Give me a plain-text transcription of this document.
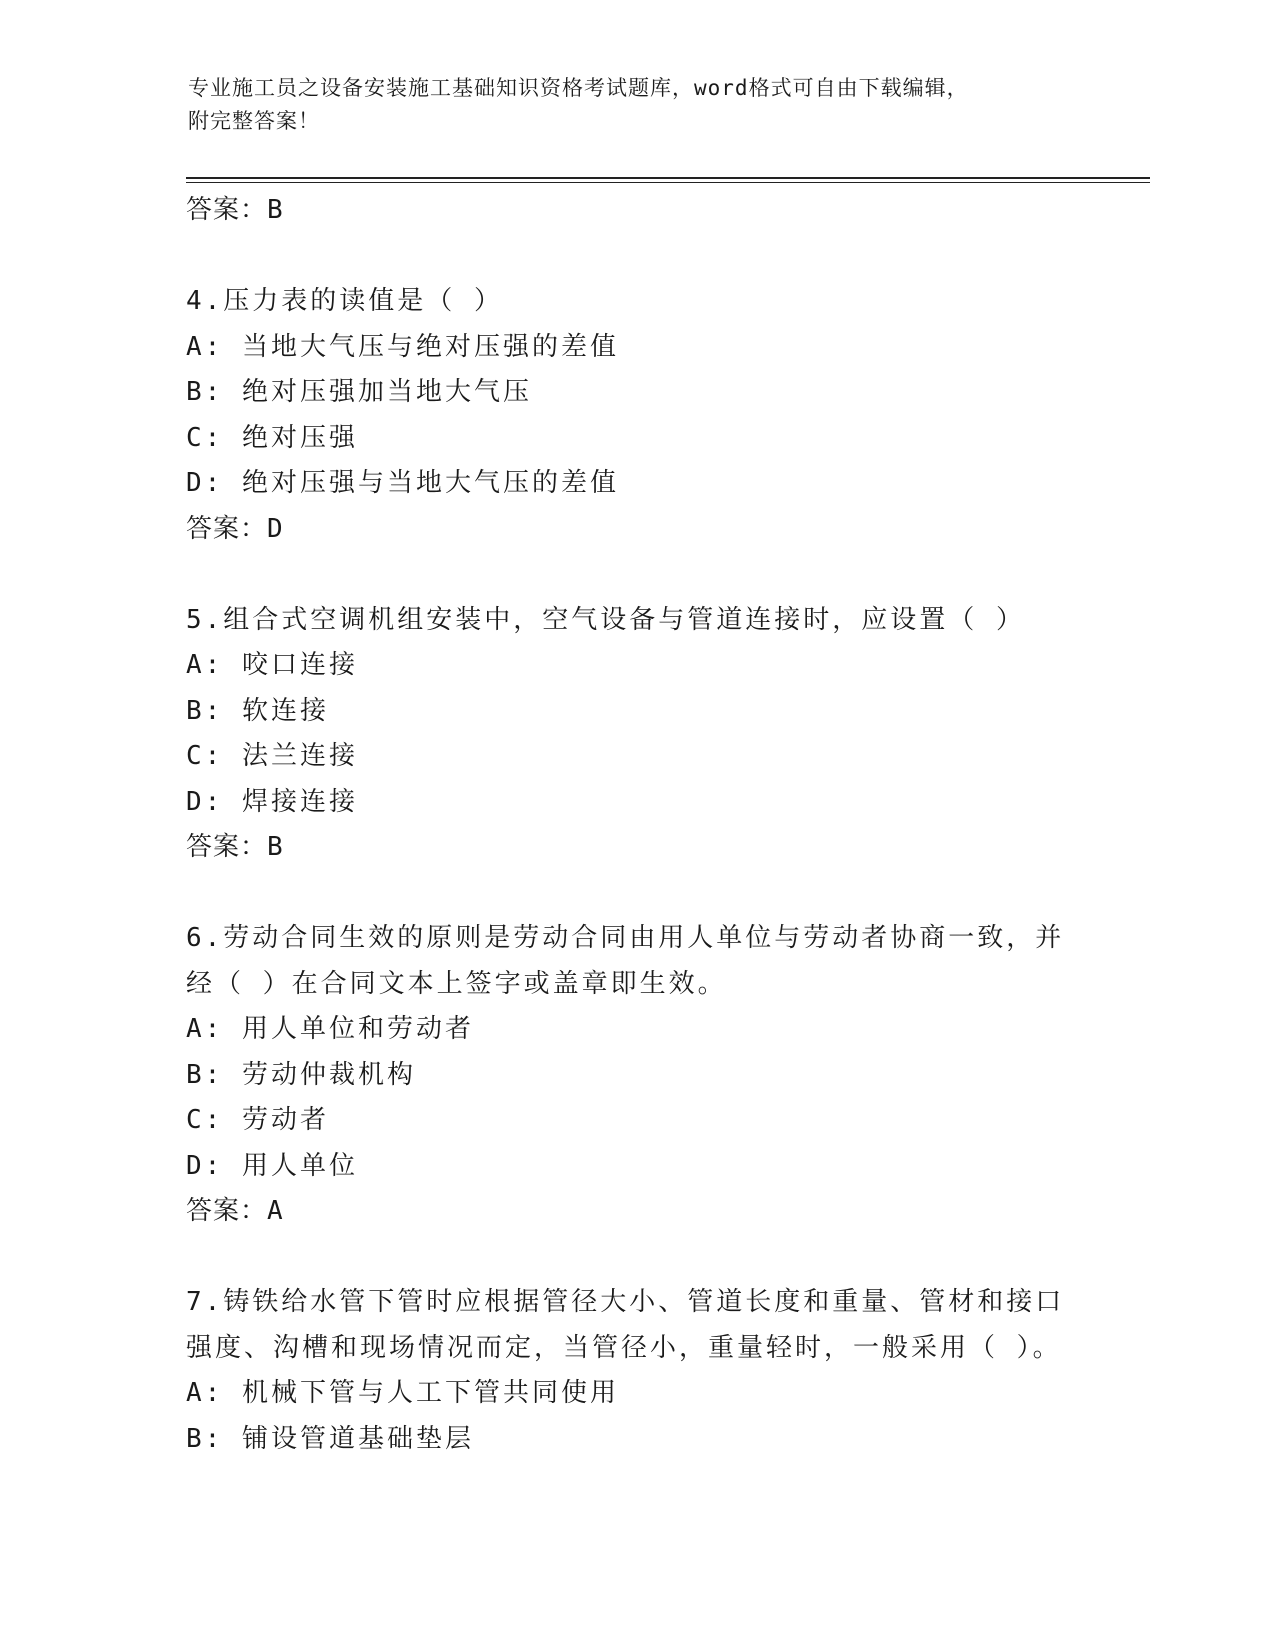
专业施工员之设备安装施工基础知识资格考试题库，word格式可自由下载编辑，
附完整答案！
答案：B
4.压力表的读值是（ ）
A: 当地大气压与绝对压强的差值
B: 绝对压强加当地大气压
C: 绝对压强
D: 绝对压强与当地大气压的差值
答案：D
5.组合式空调机组安装中，空气设备与管道连接时，应设置（ ）
A: 咬口连接
B: 软连接
C: 法兰连接
D: 焊接连接
答案：B
6.劳动合同生效的原则是劳动合同由用人单位与劳动者协商一致，并
经（ ）在合同文本上签字或盖章即生效。
A: 用人单位和劳动者
B: 劳动仲裁机构
C: 劳动者
D: 用人单位
答案：A
7.铸铁给水管下管时应根据管径大小、管道长度和重量、管材和接口
强度、沟槽和现场情况而定，当管径小，重量轻时，一般采用（ ）。
A: 机械下管与人工下管共同使用
B: 铺设管道基础垫层
